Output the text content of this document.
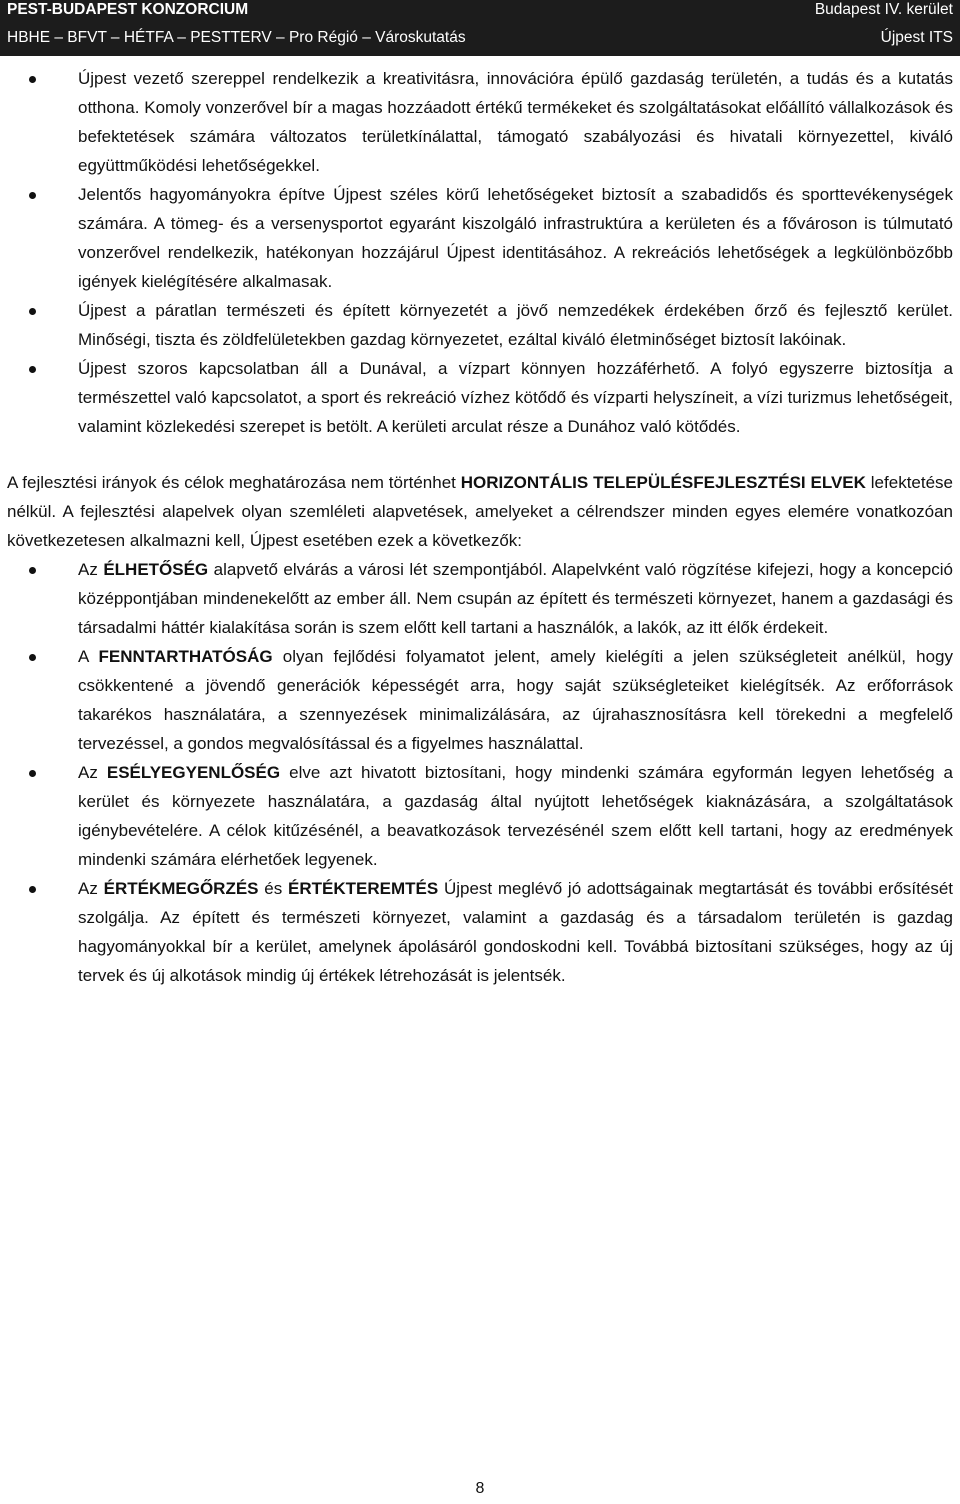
PEST-BUDAPEST KONZORCIUM	Budapest IV. kerület
HBHE – BFVT – HÉTFA – PESTTERV – Pro Régió – Városkutatás	Újpest ITS
Újpest vezető szereppel rendelkezik a kreativitásra, innovációra épülő gazdaság területén, a tudás és a kutatás otthona. Komoly vonzerővel bír a magas hozzáadott értékű termékeket és szolgáltatásokat előállító vállalkozások és befektetések számára változatos területkínálattal, támogató szabályozási és hivatali környezettel, kiváló együttműködési lehetőségekkel.
Jelentős hagyományokra építve Újpest széles körű lehetőségeket biztosít a szabadidős és sporttevékenységek számára. A tömeg- és a versenysportot egyaránt kiszolgáló infrastruktúra a kerületen és a fővároson is túlmutató vonzerővel rendelkezik, hatékonyan hozzájárul Újpest identitásához. A rekreációs lehetőségek a legkülönbözőbb igények kielégítésére alkalmasak.
Újpest a páratlan természeti és épített környezetét a jövő nemzedékek érdekében őrző és fejlesztő kerület. Minőségi, tiszta és zöldfelületekben gazdag környezetet, ezáltal kiváló életminőséget biztosít lakóinak.
Újpest szoros kapcsolatban áll a Dunával, a vízpart könnyen hozzáférhető. A folyó egyszerre biztosítja a természettel való kapcsolatot, a sport és rekreáció vízhez kötődő és vízparti helyszíneit, a vízi turizmus lehetőségeit, valamint közlekedési szerepet is betölt. A kerületi arculat része a Dunához való kötődés.

A fejlesztési irányok és célok meghatározása nem történhet HORIZONTÁLIS TELEPÜLÉSFEJLESZTÉSI ELVEK lefektetése nélkül. A fejlesztési alapelvek olyan szemléleti alapvetések, amelyeket a célrendszer minden egyes elemére vonatkozóan következetesen alkalmazni kell, Újpest esetében ezek a következők:

Az ÉLHETŐSÉG alapvető elvárás a városi lét szempontjából. Alapelvként való rögzítése kifejezi, hogy a koncepció középpontjában mindenekelőtt az ember áll. Nem csupán az épített és természeti környezet, hanem a gazdasági és társadalmi háttér kialakítása során is szem előtt kell tartani a használók, a lakók, az itt élők érdekeit.
A FENNTARTHATÓSÁG olyan fejlődési folyamatot jelent, amely kielégíti a jelen szükségleteit anélkül, hogy csökkentené a jövendő generációk képességét arra, hogy saját szükségleteiket kielégítsék. Az erőforrások takarékos használatára, a szennyezések minimalizálására, az újrahasznosításra kell törekedni a megfelelő tervezéssel, a gondos megvalósítással és a figyelmes használattal.
Az ESÉLYEGYENLŐSÉG elve azt hivatott biztosítani, hogy mindenki számára egyformán legyen lehetőség a kerület és környezete használatára, a gazdaság által nyújtott lehetőségek kiaknázására, a szolgáltatások igénybevételére. A célok kitűzésénél, a beavatkozások tervezésénél szem előtt kell tartani, hogy az eredmények mindenki számára elérhetőek legyenek.
Az ÉRTÉKMEGŐRZÉS és ÉRTÉKTEREMTÉS Újpest meglévő jó adottságainak megtartását és további erősítését szolgálja. Az épített és természeti környezet, valamint a gazdaság és a társadalom területén is gazdag hagyományokkal bír a kerület, amelynek ápolásáról gondoskodni kell. Továbbá biztosítani szükséges, hogy az új tervek és új alkotások mindig új értékek létrehozását is jelentsék.
8
